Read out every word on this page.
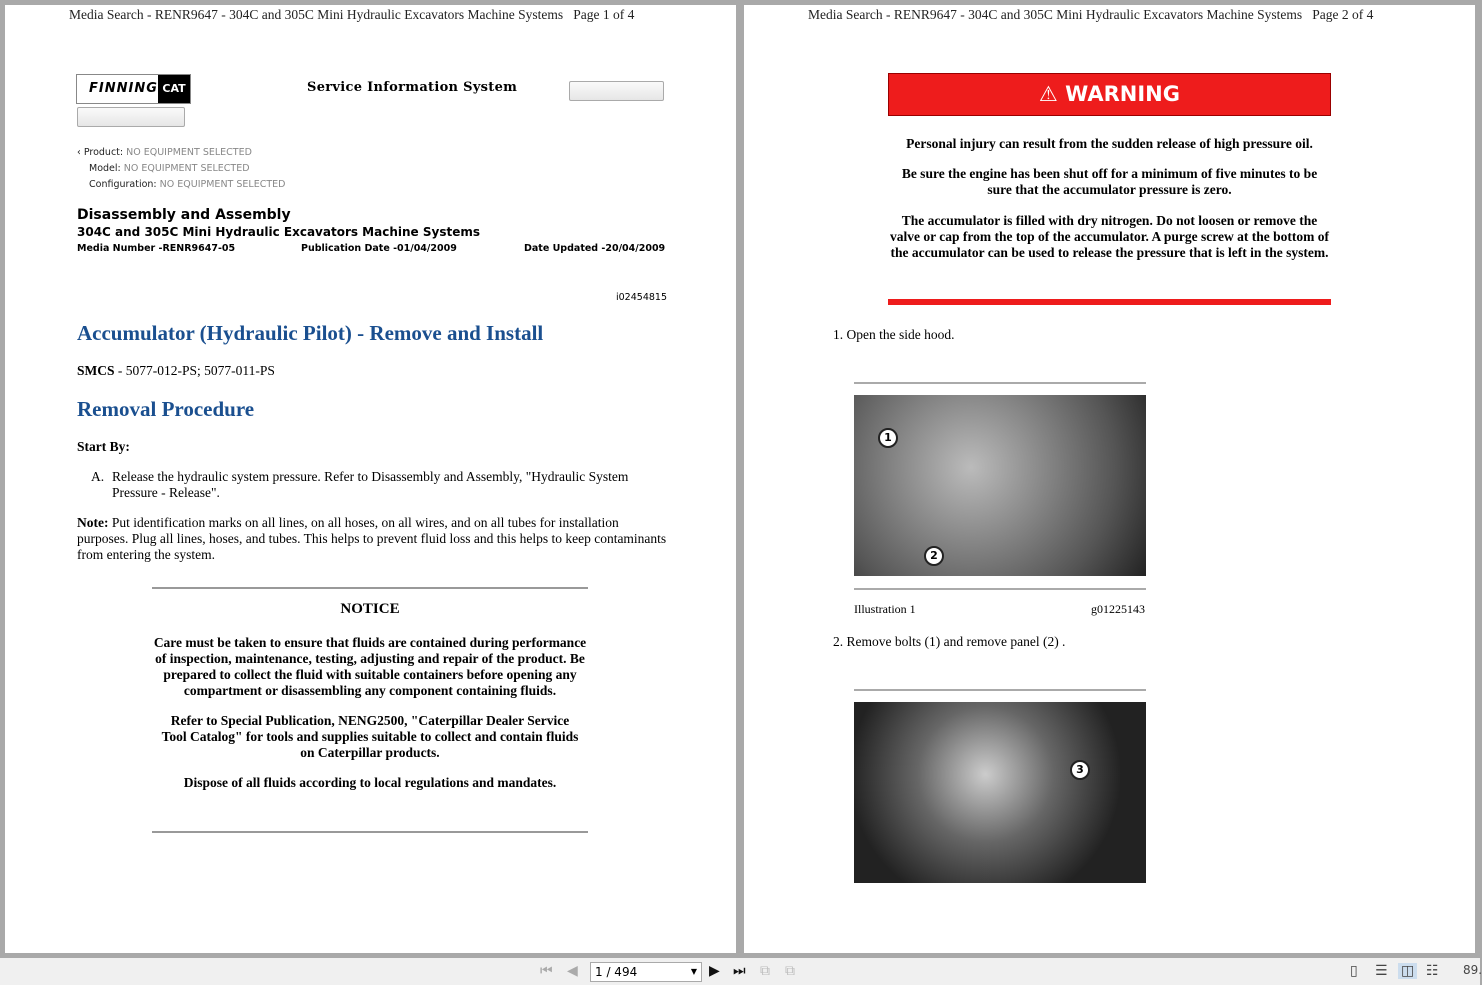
Media Search - RENR9647 - 304C and 305C Mini Hydraulic Excavators Machine Systems Page 1 of 4
FINNING CAT	Service Information System
‹ Product: NO EQUIPMENT SELECTED
Model: NO EQUIPMENT SELECTED
Configuration: NO EQUIPMENT SELECTED
Disassembly and Assembly
304C and 305C Mini Hydraulic Excavators Machine Systems
Media Number -RENR9647-05	Publication Date -01/04/2009	Date Updated -20/04/2009
i02454815
Accumulator (Hydraulic Pilot) - Remove and Install
SMCS - 5077-012-PS; 5077-011-PS
Removal Procedure
Start By:
A. Release the hydraulic system pressure. Refer to Disassembly and Assembly, "Hydraulic System Pressure - Release".
Note: Put identification marks on all lines, on all hoses, on all wires, and on all tubes for installation purposes. Plug all lines, hoses, and tubes. This helps to prevent fluid loss and this helps to keep contaminants from entering the system.
NOTICE
Care must be taken to ensure that fluids are contained during performance of inspection, maintenance, testing, adjusting and repair of the product. Be prepared to collect the fluid with suitable containers before opening any compartment or disassembling any component containing fluids.
Refer to Special Publication, NENG2500, "Caterpillar Dealer Service Tool Catalog" for tools and supplies suitable to collect and contain fluids on Caterpillar products.
Dispose of all fluids according to local regulations and mandates.
Media Search - RENR9647 - 304C and 305C Mini Hydraulic Excavators Machine Systems Page 2 of 4
⚠ WARNING
Personal injury can result from the sudden release of high pressure oil.
Be sure the engine has been shut off for a minimum of five minutes to be sure that the accumulator pressure is zero.
The accumulator is filled with dry nitrogen. Do not loosen or remove the valve or cap from the top of the accumulator. A purge screw at the bottom of the accumulator can be used to release the pressure that is left in the system.
1. Open the side hood.
1
2
Illustration 1	g01225143
2. Remove bolts (1) and remove panel (2) .
3
⏮ ◀	1 / 494	▼ ▶ ⏭ ⧉ ⧉	▯ ☰ ◫ ☷ 89.
